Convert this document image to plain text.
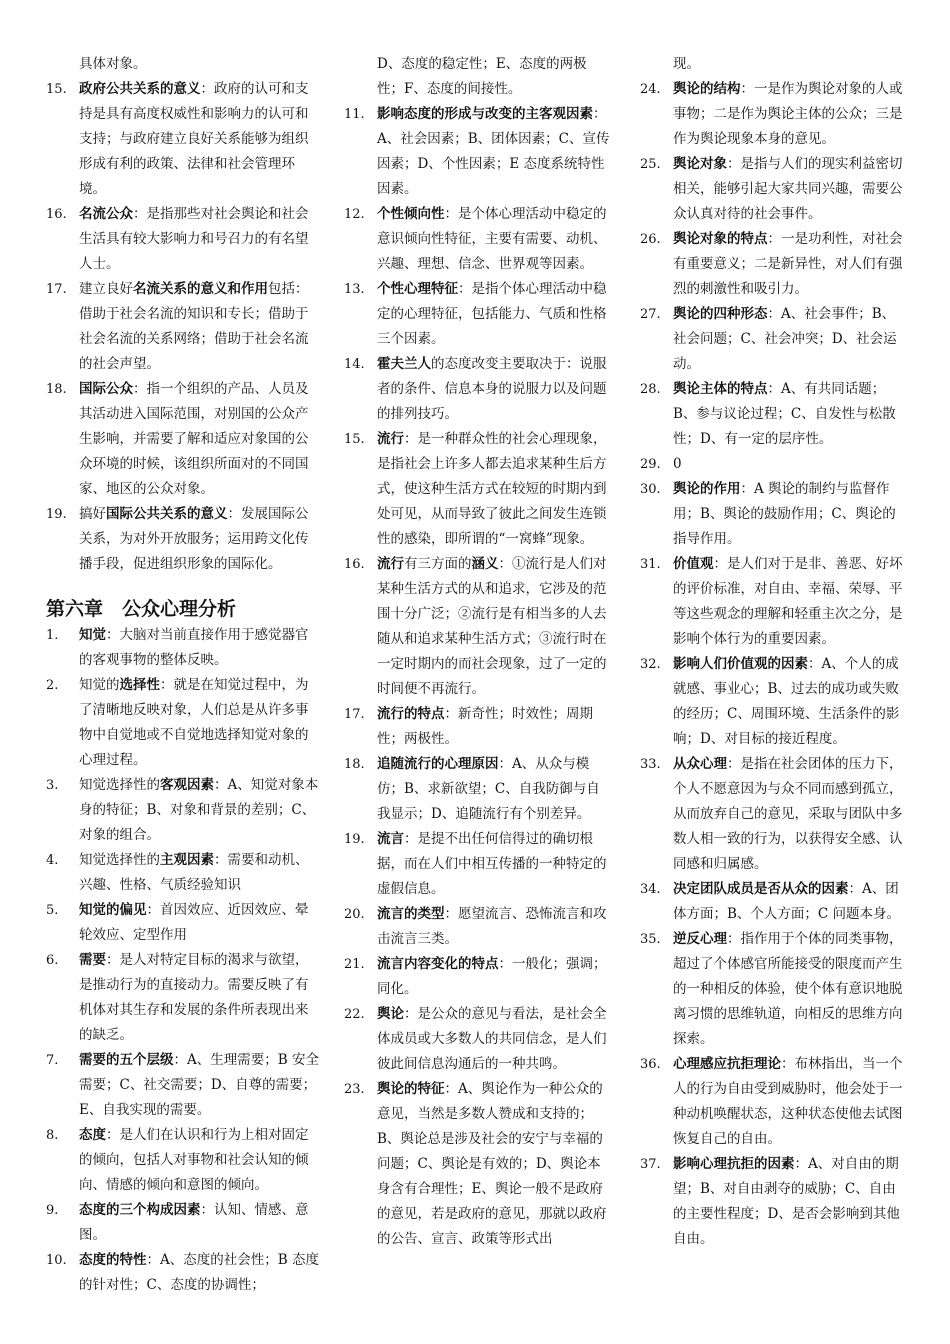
具体对象。
15. 政府公共关系的意义：政府的认可和支持是具有高度权威性和影响力的认可和支持；与政府建立良好关系能够为组织形成有利的政策、法律和社会管理环境。
16. 名流公众：是指那些对社会舆论和社会生活具有较大影响力和号召力的有名望人士。
17. 建立良好名流关系的意义和作用包括：借助于社会名流的知识和专长；借助于社会名流的关系网络；借助于社会名流的社会声望。
18. 国际公众：指一个组织的产品、人员及其活动进入国际范围，对别国的公众产生影响，并需要了解和适应对象国的公众环境的时候，该组织所面对的不同国家、地区的公众对象。
19. 搞好国际公共关系的意义：发展国际公关系，为对外开放服务；运用跨文化传播手段，促进组织形象的国际化。
第六章　公众心理分析
1. 知觉：大脑对当前直接作用于感觉器官的客观事物的整体反映。
2. 知觉的选择性：就是在知觉过程中，为了清晰地反映对象，人们总是从许多事物中自觉地或不自觉地选择知觉对象的心理过程。
3. 知觉选择性的客观因素：A、知觉对象本身的特征；B、对象和背景的差别；C、对象的组合。
4. 知觉选择性的主观因素：需要和动机、兴趣、性格、气质经验知识
5. 知觉的偏见：首因效应、近因效应、晕轮效应、定型作用
6. 需要：是人对特定目标的渴求与欲望，是推动行为的直接动力。需要反映了有机体对其生存和发展的条件所表现出来的缺乏。
7. 需要的五个层级：A、生理需要；B 安全需要；C、社交需要；D、自尊的需要；E、自我实现的需要。
8. 态度：是人们在认识和行为上相对固定的倾向，包括人对事物和社会认知的倾向、情感的倾向和意图的倾向。
9. 态度的三个构成因素：认知、情感、意图。
10. 态度的特性：A、态度的社会性；B 态度的针对性；C、态度的协调性；
D、态度的稳定性；E、态度的两极性；F、态度的间接性。
11. 影响态度的形成与改变的主客观因素：A、社会因素；B、团体因素；C、宣传因素；D、个性因素；E 态度系统特性因素。
12. 个性倾向性：是个体心理活动中稳定的意识倾向性特征，主要有需要、动机、兴趣、理想、信念、世界观等因素。
13. 个性心理特征：是指个体心理活动中稳定的心理特征，包括能力、气质和性格三个因素。
14. 霍夫兰人的态度改变主要取决于：说服者的条件、信息本身的说服力以及问题的排列技巧。
15. 流行：是一种群众性的社会心理现象，是指社会上许多人都去追求某种生后方式，使这种生活方式在较短的时期内到处可见，从而导致了彼此之间发生连锁性的感染，即所谓的“一窝蜂”现象。
16. 流行有三方面的涵义：①流行是人们对某种生活方式的从和追求，它涉及的范围十分广泛；②流行是有相当多的人去随从和追求某种生活方式；③流行时在一定时期内的而社会现象，过了一定的时间便不再流行。
17. 流行的特点：新奇性；时效性；周期性；两极性。
18. 追随流行的心理原因：A、从众与模仿；B、求新欲望；C、自我防御与自我显示；D、追随流行有个别差异。
19. 流言：是提不出任何信得过的确切根据，而在人们中相互传播的一种特定的虚假信息。
20. 流言的类型：愿望流言、恐怖流言和攻击流言三类。
21. 流言内容变化的特点：一般化；强调；同化。
22. 舆论：是公众的意见与看法，是社会全体成员或大多数人的共同信念，是人们彼此间信息沟通后的一种共鸣。
23. 舆论的特征：A、舆论作为一种公众的意见，当然是多数人赞成和支持的；B、舆论总是涉及社会的安宁与幸福的问题；C、舆论是有效的；D、舆论本身含有合理性；E、舆论一般不是政府的意见，若是政府的意见，那就以政府的公告、宣言、政策等形式出
现。
24. 舆论的结构：一是作为舆论对象的人或事物；二是作为舆论主体的公众；三是作为舆论现象本身的意见。
25. 舆论对象：是指与人们的现实利益密切相关，能够引起大家共同兴趣，需要公众认真对待的社会事件。
26. 舆论对象的特点：一是功利性，对社会有重要意义；二是新异性，对人们有强烈的刺激性和吸引力。
27. 舆论的四种形态：A、社会事件；B、社会问题；C、社会冲突；D、社会运动。
28. 舆论主体的特点：A、有共同话题；B、参与议论过程；C、自发性与松散性；D、有一定的层序性。
29. 0
30. 舆论的作用：A 舆论的制约与监督作用；B、舆论的鼓励作用；C、舆论的指导作用。
31. 价值观：是人们对于是非、善恶、好坏的评价标准，对自由、幸福、荣辱、平等这些观念的理解和轻重主次之分，是影响个体行为的重要因素。
32. 影响人们价值观的因素：A、个人的成就感、事业心；B、过去的成功或失败的经历；C、周围环境、生活条件的影响；D、对目标的接近程度。
33. 从众心理：是指在社会团体的压力下，个人不愿意因为与众不同而感到孤立，从而放弃自己的意见，采取与团队中多数人相一致的行为，以获得安全感、认同感和归属感。
34. 决定团队成员是否从众的因素：A、团体方面；B、个人方面；C 问题本身。
35. 逆反心理：指作用于个体的同类事物，超过了个体感官所能接受的限度而产生的一种相反的体验，使个体有意识地脱离习惯的思维轨道，向相反的思维方向探索。
36. 心理感应抗拒理论：布林指出，当一个人的行为自由受到威胁时，他会处于一种动机唤醒状态，这种状态使他去试图恢复自己的自由。
37. 影响心理抗拒的因素：A、对自由的期望；B、对自由剥夺的威胁；C、自由的主要性程度；D、是否会影响到其他自由。
